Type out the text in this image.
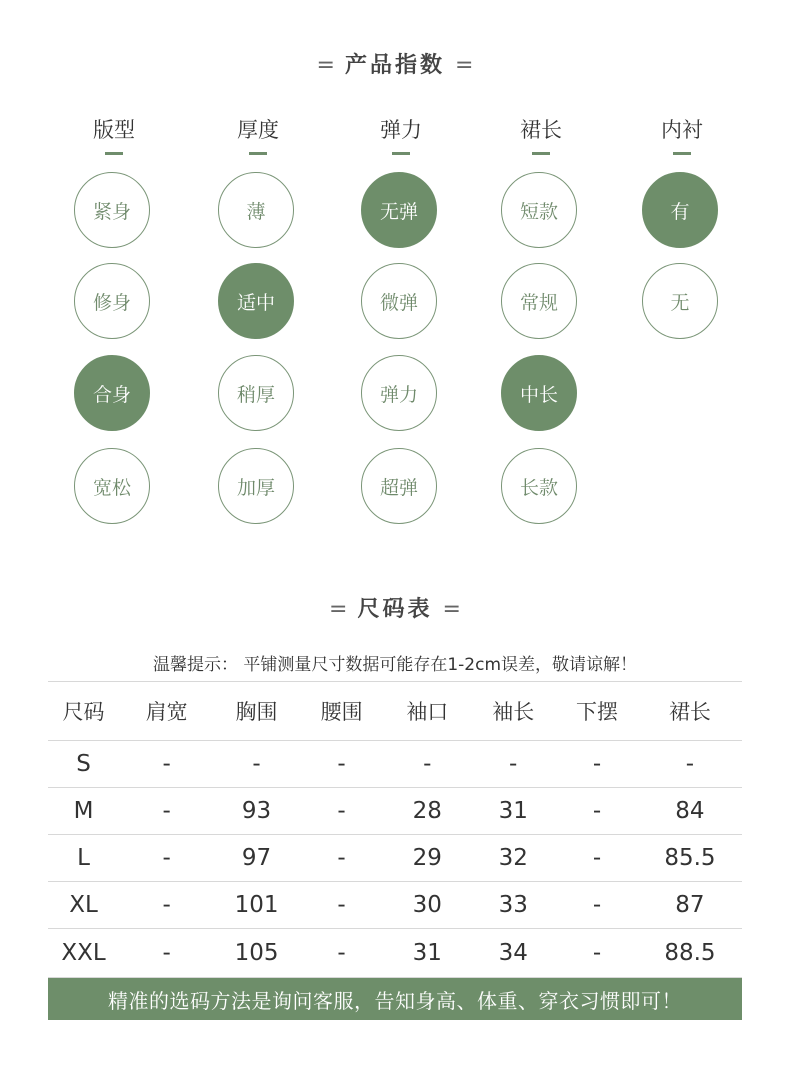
= 产品指数 =
版型
紧身
修身
合身
宽松
厚度
薄
适中
稍厚
加厚
弹力
无弹
微弹
弹力
超弹
裙长
短款
常规
中长
长款
内衬
有
无
= 尺码表 =
温馨提示： 平铺测量尺寸数据可能存在1-2cm误差，敬请谅解！
尺码	肩宽	胸围	腰围	袖口	袖长	下摆	裙长
S	-	-	-	-	-	-	-
M	-	93	-	28	31	-	84
L	-	97	-	29	32	-	85.5
XL	-	101	-	30	33	-	87
XXL	-	105	-	31	34	-	88.5
精准的选码方法是询问客服，告知身高、体重、穿衣习惯即可！
